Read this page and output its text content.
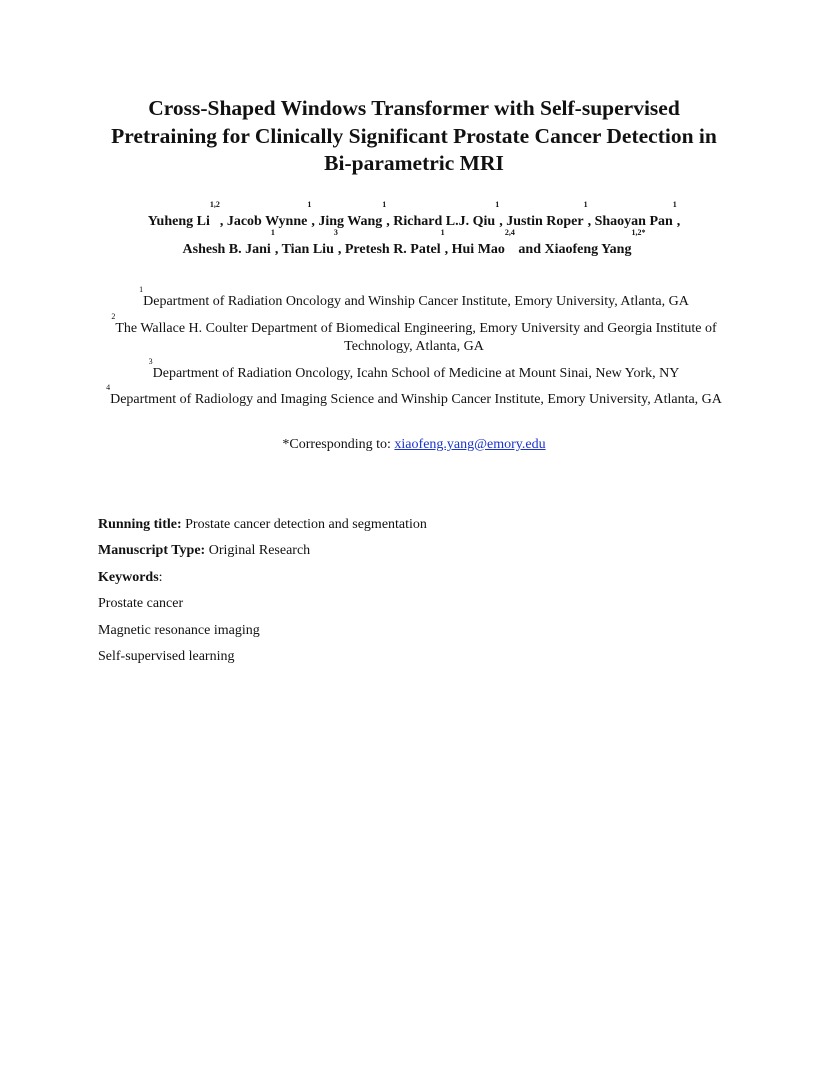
Cross-Shaped Windows Transformer with Self-supervised
Pretraining for Clinically Significant Prostate Cancer Detection in
Bi-parametric MRI

Yuheng Li$^{1,2}$, Jacob Wynne$^1$, Jing Wang$^1$, Richard L.J. Qiu$^1$, Justin Roper$^1$, Shaoyan Pan$^1$,
Ashesh B. Jani$^1$, Tian Liu$^3$, Pretesh R. Patel$^1$, Hui Mao$^{2,4}$ and Xiaofeng Yang$^{1,2*}$

$^1$Department of Radiation Oncology and Winship Cancer Institute, Emory University, Atlanta, GA

$^2$The Wallace H. Coulter Department of Biomedical Engineering, Emory University and Georgia Institute of Technology, Atlanta, GA

$^3$Department of Radiation Oncology, Icahn School of Medicine at Mount Sinai, New York, NY

$^4$Department of Radiology and Imaging Science and Winship Cancer Institute, Emory University, Atlanta, GA

*Corresponding to: xiaofeng.yang@emory.edu

Running title: Prostate cancer detection and segmentation

Manuscript Type: Original Research

Keywords:

Prostate cancer

Magnetic resonance imaging

Self-supervised learning
